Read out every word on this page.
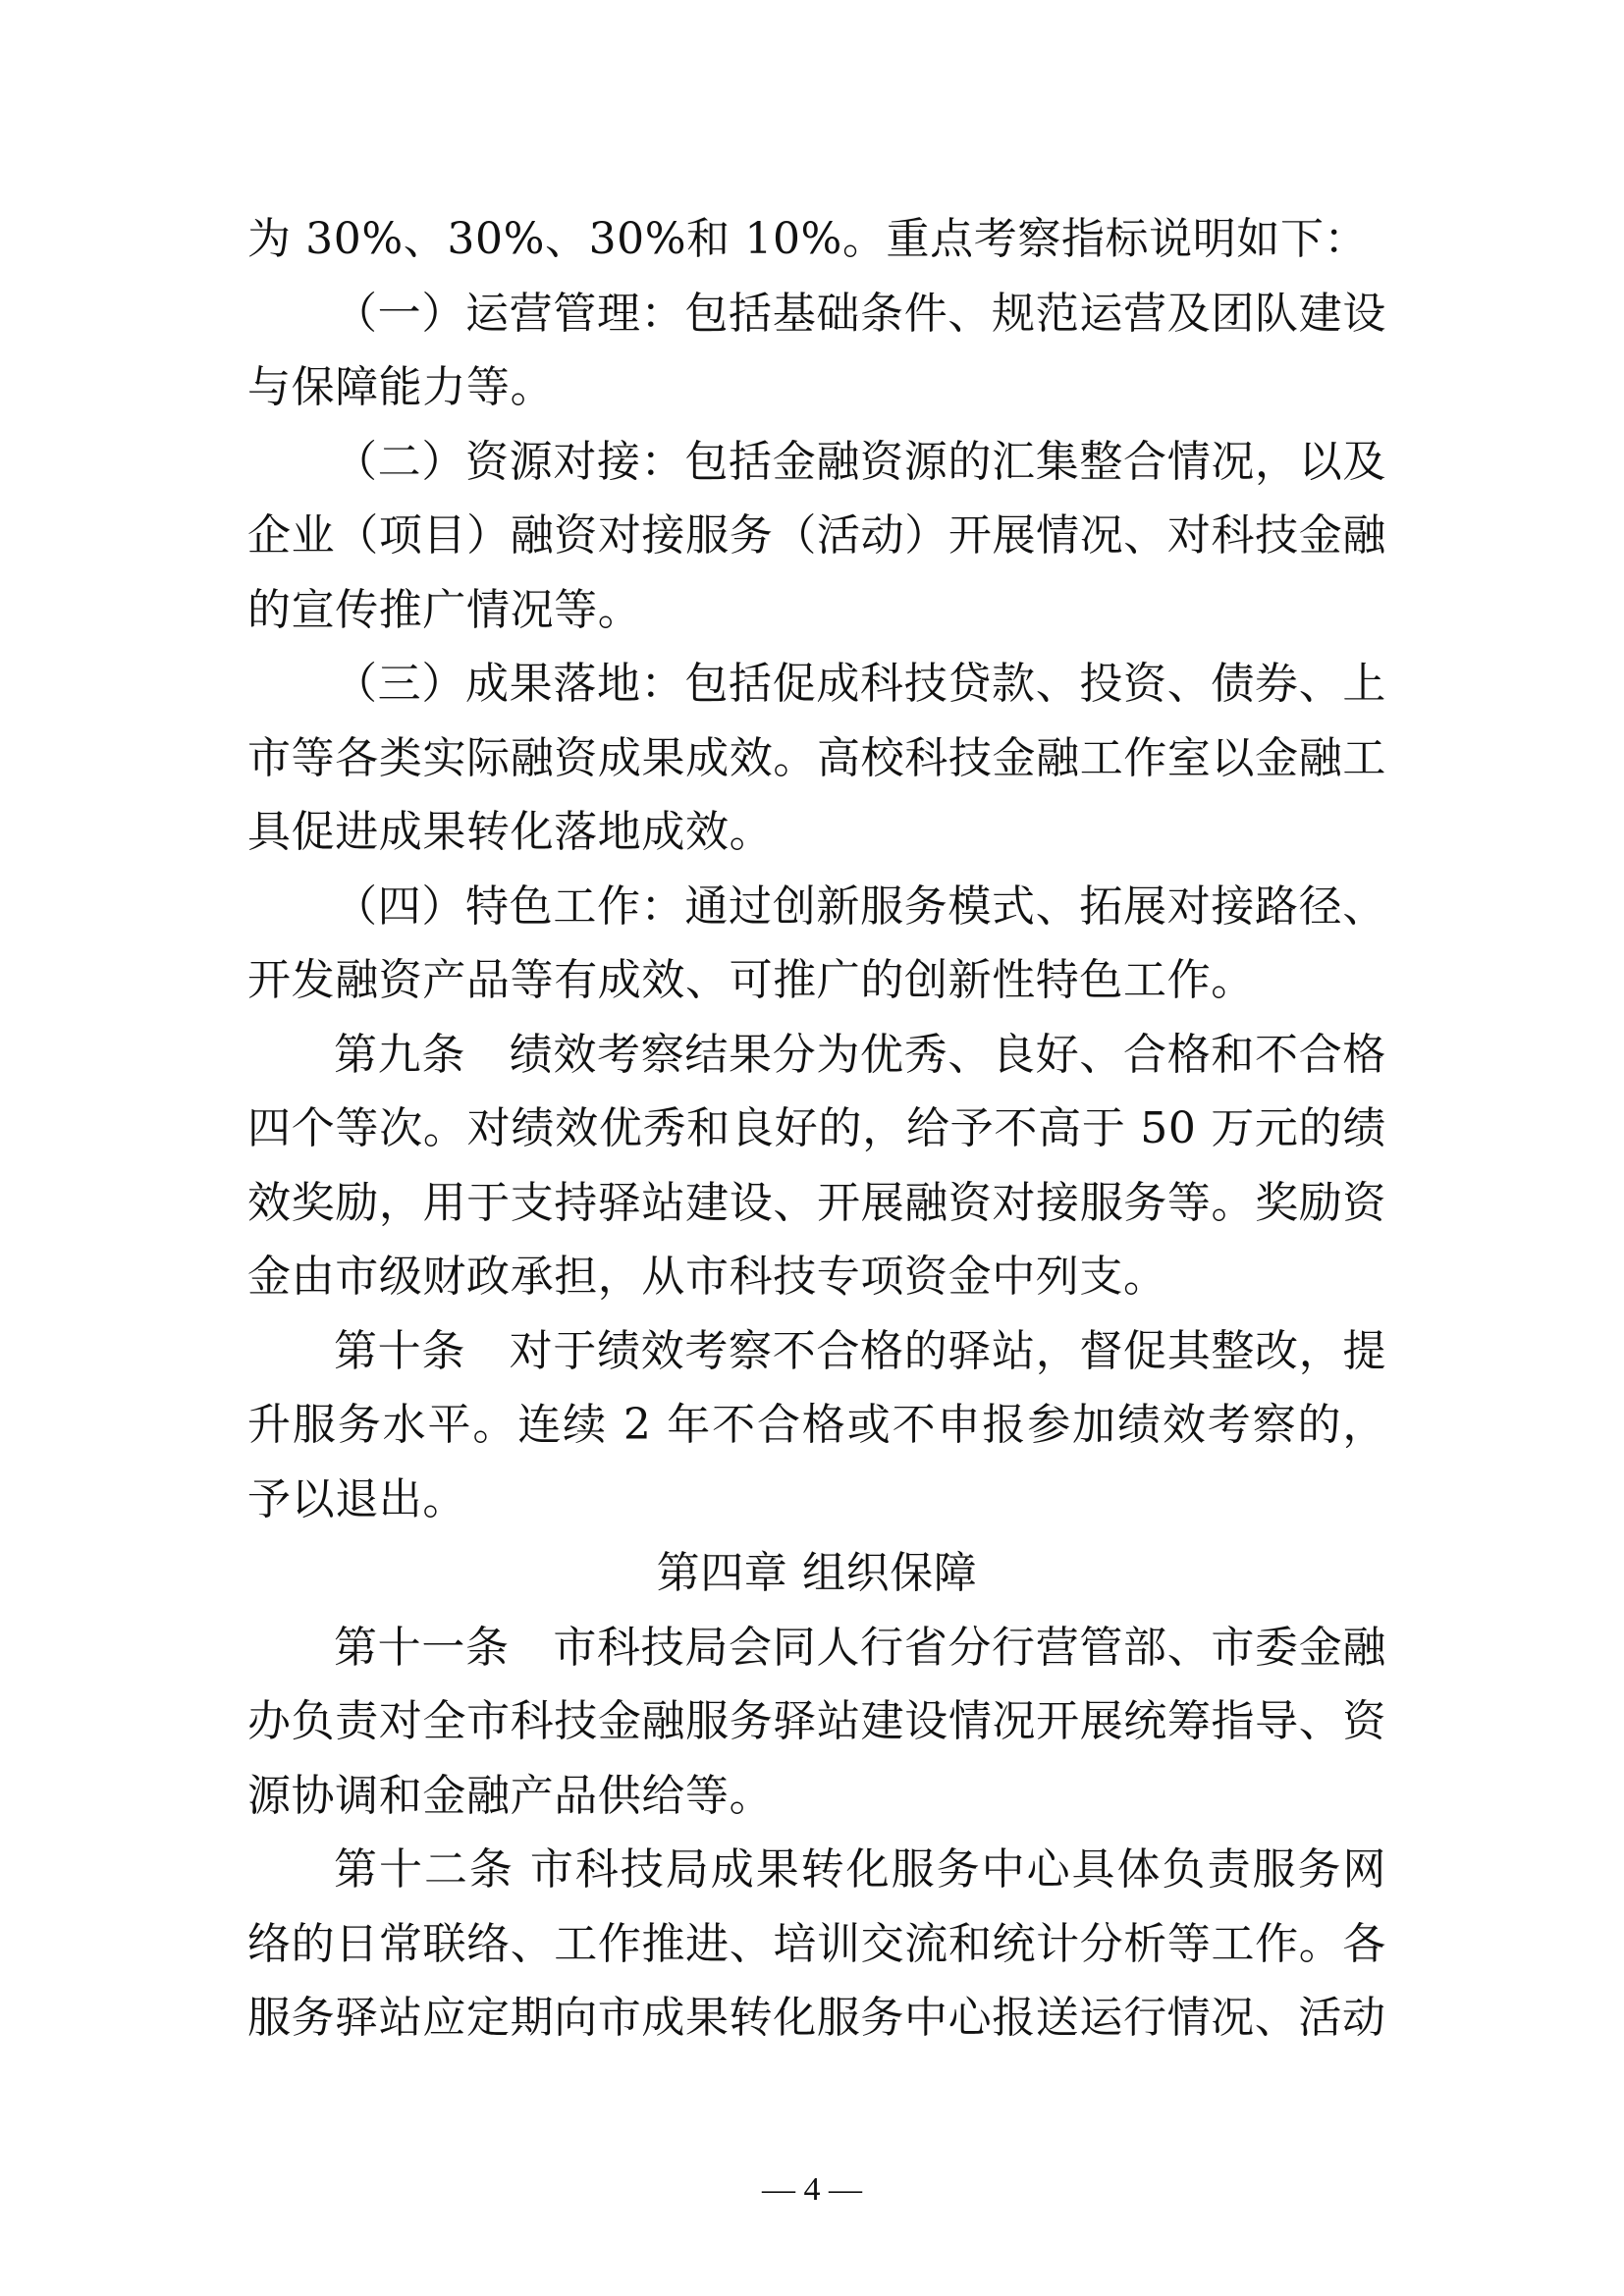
为 30%、30%、30%和 10%。重点考察指标说明如下：

（一）运营管理：包括基础条件、规范运营及团队建设与保障能力等。

（二）资源对接：包括金融资源的汇集整合情况，以及企业（项目）融资对接服务（活动）开展情况、对科技金融的宣传推广情况等。

（三）成果落地：包括促成科技贷款、投资、债券、上市等各类实际融资成果成效。高校科技金融工作室以金融工具促进成果转化落地成效。

（四）特色工作：通过创新服务模式、拓展对接路径、开发融资产品等有成效、可推广的创新性特色工作。

第九条　绩效考察结果分为优秀、良好、合格和不合格四个等次。对绩效优秀和良好的，给予不高于 50 万元的绩效奖励，用于支持驿站建设、开展融资对接服务等。奖励资金由市级财政承担，从市科技专项资金中列支。

第十条　对于绩效考察不合格的驿站，督促其整改，提升服务水平。连续 2 年不合格或不申报参加绩效考察的，予以退出。

第四章 组织保障

第十一条　市科技局会同人行省分行营管部、市委金融办负责对全市科技金融服务驿站建设情况开展统筹指导、资源协调和金融产品供给等。

第十二条 市科技局成果转化服务中心具体负责服务网络的日常联络、工作推进、培训交流和统计分析等工作。各服务驿站应定期向市成果转化服务中心报送运行情况、活动

— 4 —
